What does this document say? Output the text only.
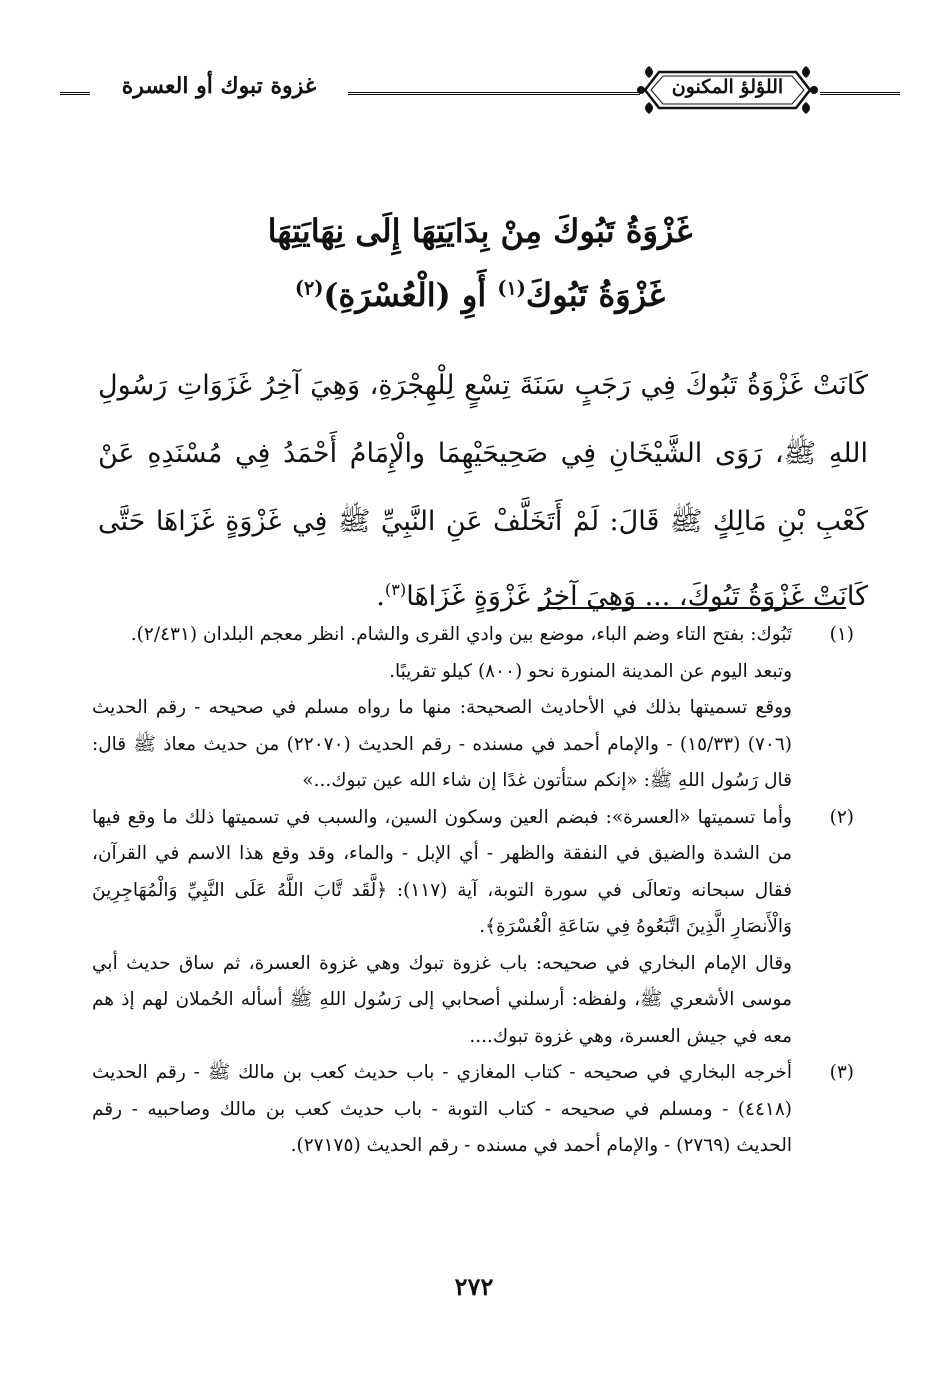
غزوة تبوك أو العسرة	اللؤلؤ المكنون
غَزْوَةُ تَبُوكَ مِنْ بِدَايَتِهَا إِلَى نِهَايَتِهَا
غَزْوَةُ تَبُوكَ$^{(١)}$ أَوِ (الْعُسْرَةِ)$^{(٢)}$
كَانَتْ غَزْوَةُ تَبُوكَ فِي رَجَبٍ سَنَةَ تِسْعٍ لِلْهِجْرَةِ، وَهِيَ آخِرُ غَزَوَاتِ رَسُولِ اللهِ ﷺ، رَوَى الشَّيْخَانِ فِي صَحِيحَيْهِمَا والْإِمَامُ أَحْمَدُ فِي مُسْنَدِهِ عَنْ كَعْبِ بْنِ مَالِكٍ ﷺ قَالَ: لَمْ أَتَخَلَّفْ عَنِ النَّبِيِّ ﷺ فِي غَزْوَةٍ غَزَاهَا حَتَّى كَانَتْ غَزْوَةُ تَبُوكَ، ... وَهِيَ آخِرُ غَزْوَةٍ غَزَاهَا$^{(٣)}$.
(١)
تَبُوك: بفتح التاء وضم الباء، موضع بين وادي القرى والشام. انظر معجم البلدان (٢/٤٣١).
وتبعد اليوم عن المدينة المنورة نحو (٨٠٠) كيلو تقريبًا.
ووقع تسميتها بذلك في الأحاديث الصحيحة: منها ما رواه مسلم في صحيحه - رقم الحديث (٧٠٦) (١٥/٣٣) - والإمام أحمد في مسنده - رقم الحديث (٢٢٠٧٠) من حديث معاذ ﷺ قال: قال رَسُول اللهِ ﷺ: «إنكم ستأتون غدًا إن شاء الله عين تبوك...»
(٢)
وأما تسميتها «العسرة»: فبضم العين وسكون السين، والسبب في تسميتها ذلك ما وقع فيها من الشدة والضيق في النفقة والظهر - أي الإبل - والماء، وقد وقع هذا الاسم في القرآن، فقال سبحانه وتعالَى في سورة التوبة، آية (١١٧): ﴿لَّقَد تَّابَ اللَّهُ عَلَى النَّبِيِّ وَالْمُهَاجِرِينَ وَالْأَنصَارِ الَّذِينَ اتَّبَعُوهُ فِي سَاعَةِ الْعُسْرَةِ﴾.
وقال الإمام البخاري في صحيحه: باب غزوة تبوك وهي غزوة العسرة، ثم ساق حديث أبي موسى الأشعري ﷺ، ولفظه: أرسلني أصحابي إلى رَسُول اللهِ ﷺ أسأله الحُملان لهم إذ هم معه في جيش العسرة، وهي غزوة تبوك....
(٣)
أخرجه البخاري في صحيحه - كتاب المغازي - باب حديث كعب بن مالك ﷺ - رقم الحديث (٤٤١٨) - ومسلم في صحيحه - كتاب التوبة - باب حديث كعب بن مالك وصاحبيه - رقم الحديث (٢٧٦٩) - والإمام أحمد في مسنده - رقم الحديث (٢٧١٧٥).
٢٧٢
